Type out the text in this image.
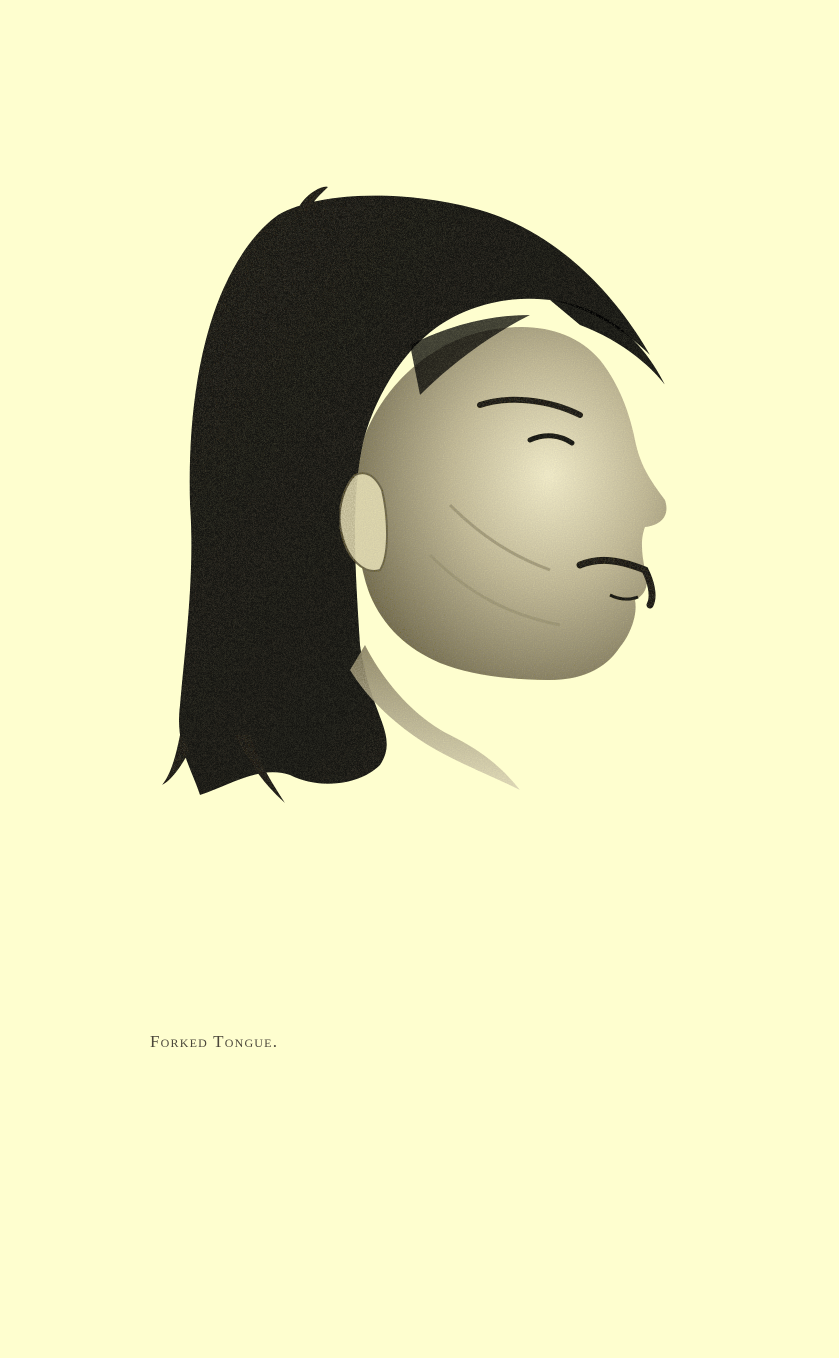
Forked Tongue.
